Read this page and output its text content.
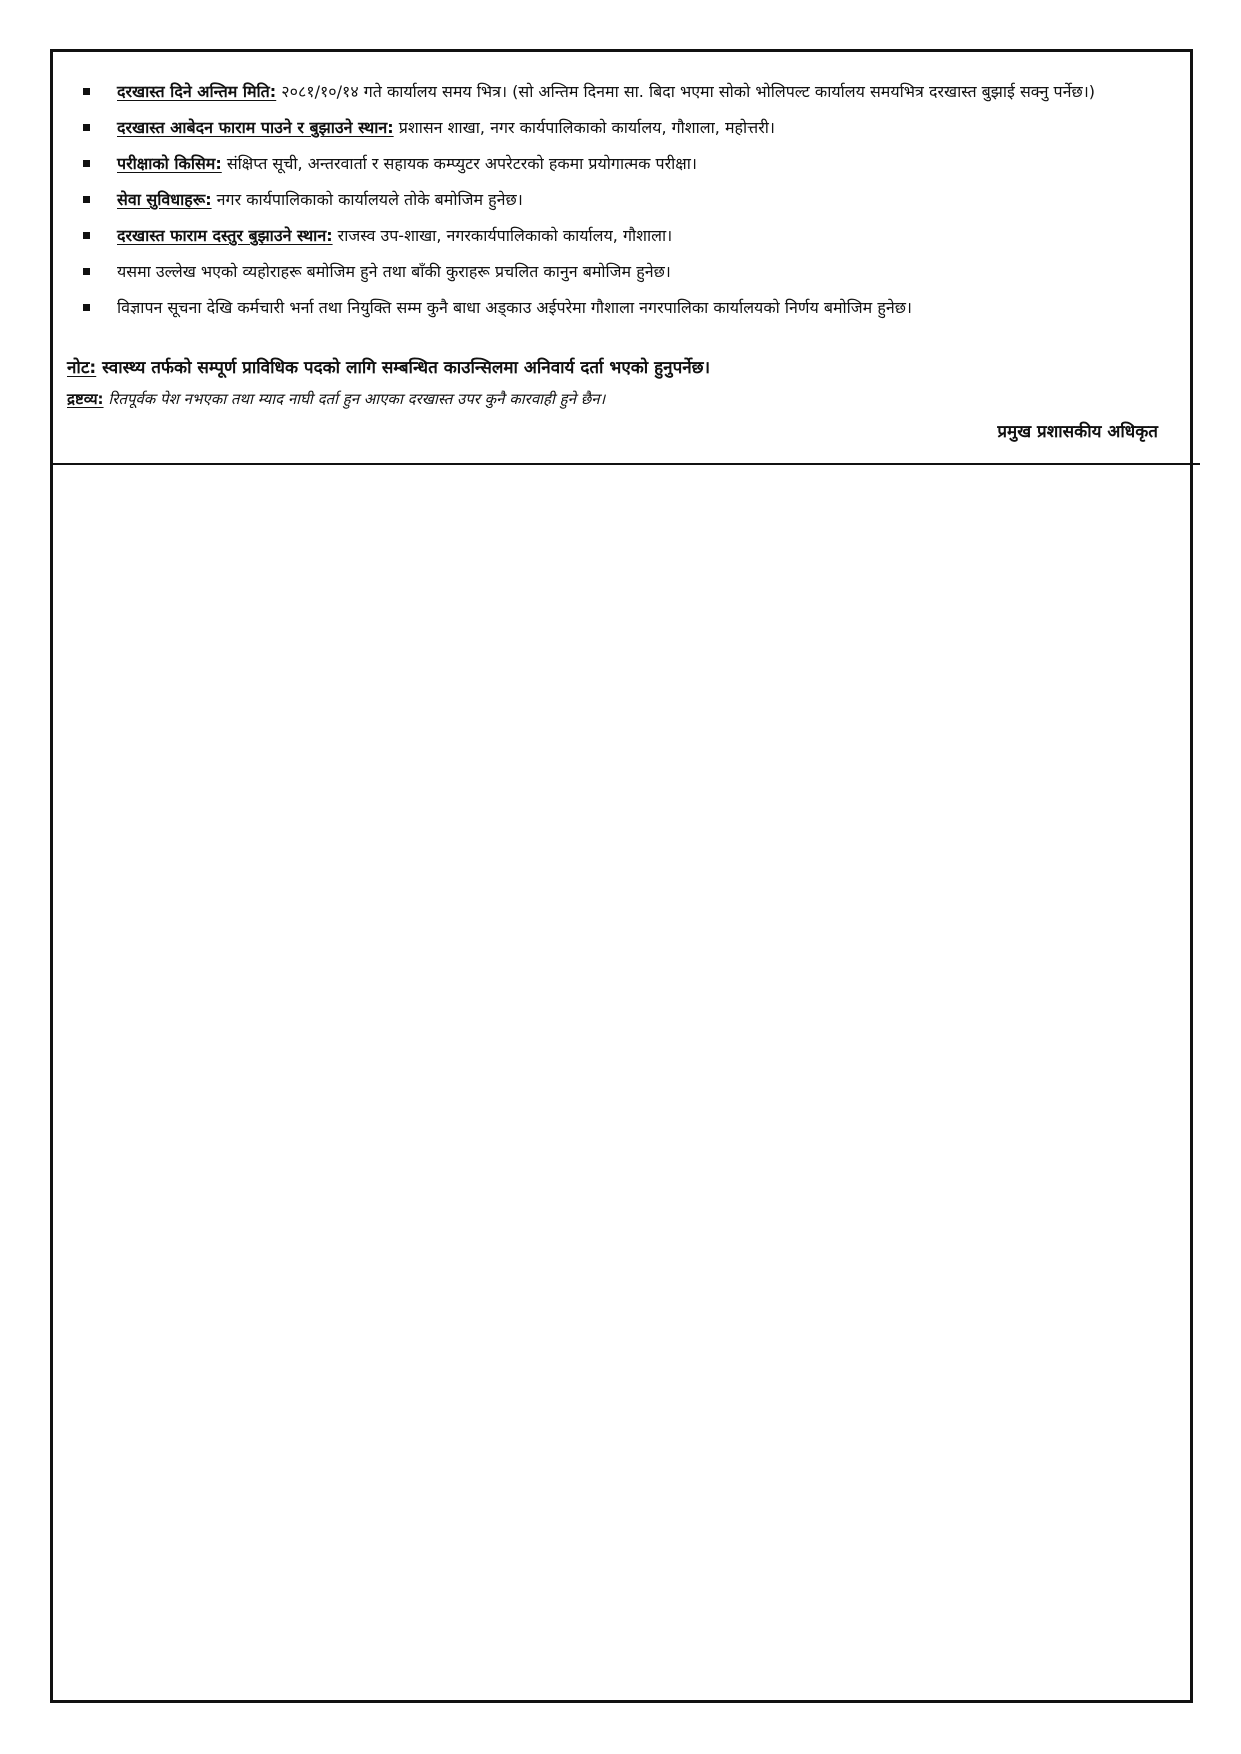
दरखास्त दिने अन्तिम मिति: २०८१/१०/१४ गते कार्यालय समय भित्र। (सो अन्तिम दिनमा सा. बिदा भएमा सोको भोलिपल्ट कार्यालय समयभित्र दरखास्त बुझाई सक्नु पर्नेछ।)
दरखास्त आबेदन फाराम पाउने र बुझाउने स्थान: प्रशासन शाखा, नगर कार्यपालिकाको कार्यालय, गौशाला, महोत्तरी।
परीक्षाको किसिम: संक्षिप्त सूची, अन्तरवार्ता र सहायक कम्प्युटर अपरेटरको हकमा प्रयोगात्मक परीक्षा।
सेवा सुविधाहरू: नगर कार्यपालिकाको कार्यालयले तोके बमोजिम हुनेछ।
दरखास्त फाराम दस्तुर बुझाउने स्थान: राजस्व उप-शाखा, नगरकार्यपालिकाको कार्यालय, गौशाला।
यसमा उल्लेख भएको व्यहोराहरू बमोजिम हुने तथा बाँकी कुराहरू प्रचलित कानुन बमोजिम हुनेछ।
विज्ञापन सूचना देखि कर्मचारी भर्ना तथा नियुक्ति सम्म कुनै बाधा अड्काउ अईपरेमा गौशाला नगरपालिका कार्यालयको निर्णय बमोजिम हुनेछ।

नोट: स्वास्थ्य तर्फको सम्पूर्ण प्राविधिक पदको लागि सम्बन्धित काउन्सिलमा अनिवार्य दर्ता भएको हुनुपर्नेछ।

द्रष्टव्य: रितपूर्वक पेश नभएका तथा म्याद नाघी दर्ता हुन आएका दरखास्त उपर कुनै कारवाही हुने छैन।

प्रमुख प्रशासकीय अधिकृत
